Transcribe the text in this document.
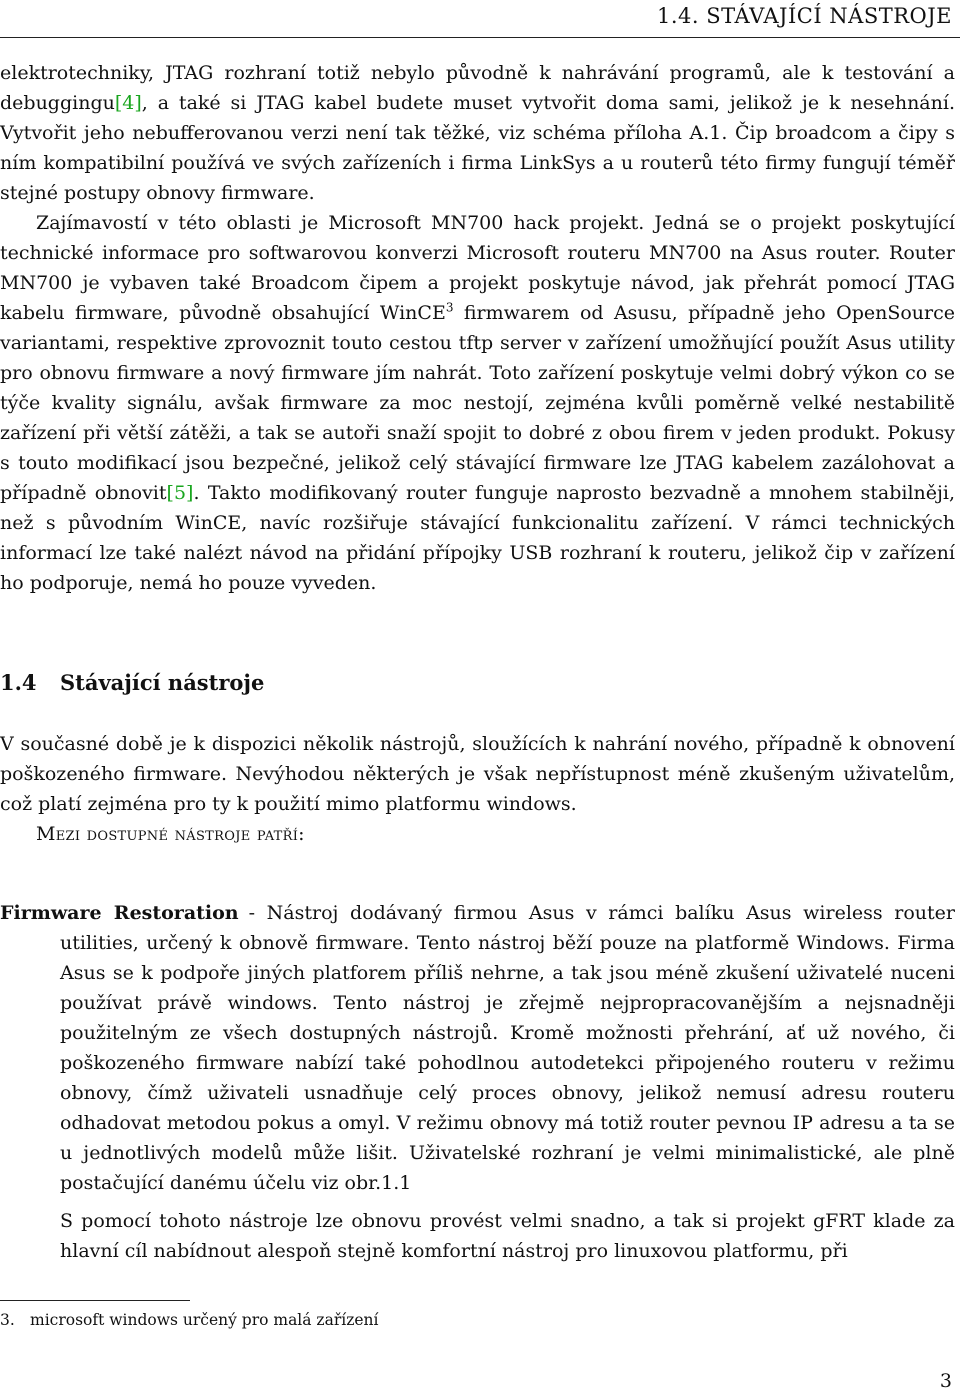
1.4. STÁVAJÍCÍ NÁSTROJE

elektrotechniky, JTAG rozhraní totiž nebylo původně k nahrávání programů, ale k testování a debuggingu[4], a také si JTAG kabel budete muset vytvořit doma sami, jelikož je k nesehnání. Vytvořit jeho nebufferovanou verzi není tak těžké, viz schéma příloha A.1. Čip broadcom a čipy s ním kompatibilní používá ve svých zařízeních i firma LinkSys a u routerů této firmy fungují téměř stejné postupy obnovy firmware.

Zajímavostí v této oblasti je Microsoft MN700 hack projekt. Jedná se o projekt poskytující technické informace pro softwarovou konverzi Microsoft routeru MN700 na Asus router. Router MN700 je vybaven také Broadcom čipem a projekt poskytuje návod, jak přehrát pomocí JTAG kabelu firmware, původně obsahující WinCE$^3$ firmwarem od Asusu, případně jeho OpenSource variantami, respektive zprovoznit touto cestou tftp server v zařízení umožňující použít Asus utility pro obnovu firmware a nový firmware jím nahrát. Toto zařízení poskytuje velmi dobrý výkon co se týče kvality signálu, avšak firmware za moc nestojí, zejména kvůli poměrně velké nestabilitě zařízení při větší zátěži, a tak se autoři snaží spojit to dobré z obou firem v jeden produkt. Pokusy s touto modifikací jsou bezpečné, jelikož celý stávající firmware lze JTAG kabelem zazálohovat a případně obnovit[5]. Takto modifikovaný router funguje naprosto bezvadně a mnohem stabilněji, než s původním WinCE, navíc rozšiřuje stávající funkcionalitu zařízení. V rámci technických informací lze také nalézt návod na přidání přípojky USB rozhraní k routeru, jelikož čip v zařízení ho podporuje, nemá ho pouze vyveden.

1.4 Stávající nástroje

V současné době je k dispozici několik nástrojů, sloužících k nahrání nového, případně k obnovení poškozeného firmware. Nevýhodou některých je však nepřístupnost méně zkušeným uživatelům, což platí zejména pro ty k použití mimo platformu windows.

Mezi dostupné nástroje patří:

Firmware Restoration - Nástroj dodávaný firmou Asus v rámci balíku Asus wireless router utilities, určený k obnově firmware. Tento nástroj běží pouze na platformě Windows. Firma Asus se k podpoře jiných platforem příliš nehrne, a tak jsou méně zkušení uživatelé nuceni používat právě windows. Tento nástroj je zřejmě nejpropracovanějším a nejsnadněji použitelným ze všech dostupných nástrojů. Kromě možnosti přehrání, ať už nového, či poškozeného firmware nabízí také pohodlnou autodetekci připojeného routeru v režimu obnovy, čímž uživateli usnadňuje celý proces obnovy, jelikož nemusí adresu routeru odhadovat metodou pokus a omyl. V režimu obnovy má totiž router pevnou IP adresu a ta se u jednotlivých modelů může lišit. Uživatelské rozhraní je velmi minimalistické, ale plně postačující danému účelu viz obr.1.1

S pomocí tohoto nástroje lze obnovu provést velmi snadno, a tak si projekt gFRT klade za hlavní cíl nabídnout alespoň stejně komfortní nástroj pro linuxovou platformu, při

3. microsoft windows určený pro malá zařízení
3
